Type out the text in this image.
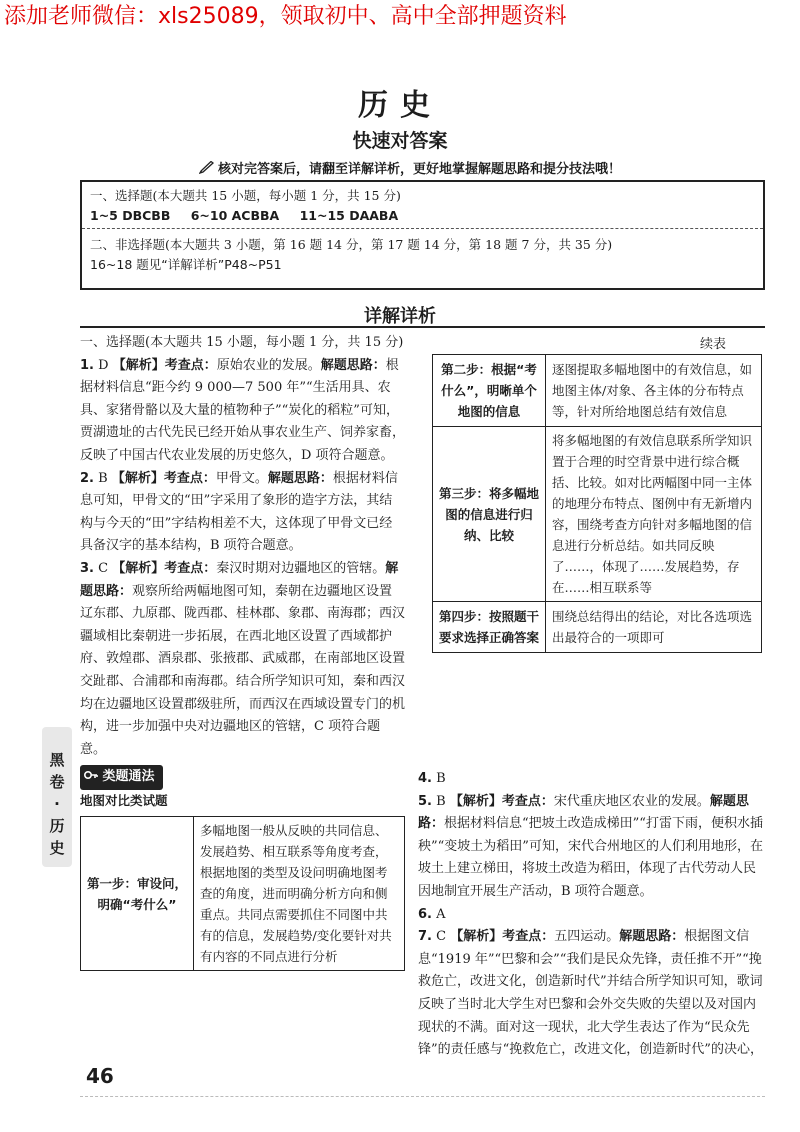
添加老师微信：xls25089，领取初中、高中全部押题资料
历史
快速对答案
核对完答案后，请翻至详解详析，更好地掌握解题思路和提分技法哦！
一、选择题(本大题共 15 小题，每小题 1 分，共 15 分)
1~5 DBCBB 6~10 ACBBA 11~15 DAABA
二、非选择题(本大题共 3 小题，第 16 题 14 分，第 17 题 14 分，第 18 题 7 分，共 35 分)
16~18 题见“详解详析”P48~P51
详解详析

一、选择题(本大题共 15 小题，每小题 1 分，共 15 分)

1. D 【解析】考查点：原始农业的发展。解题思路：根据材料信息“距今约 9 000—7 500 年”“生活用具、农具、家猪骨骼以及大量的植物种子”“炭化的稻粒”可知，贾湖遗址的古代先民已经开始从事农业生产、饲养家畜，反映了中国古代农业发展的历史悠久，D 项符合题意。

2. B 【解析】考查点：甲骨文。解题思路：根据材料信息可知，甲骨文的“田”字采用了象形的造字方法，其结构与今天的“田”字结构相差不大，这体现了甲骨文已经具备汉字的基本结构，B 项符合题意。

3. C 【解析】考查点：秦汉时期对边疆地区的管辖。解题思路：观察所给两幅地图可知，秦朝在边疆地区设置辽东郡、九原郡、陇西郡、桂林郡、象郡、南海郡；西汉疆域相比秦朝进一步拓展，在西北地区设置了西域都护府、敦煌郡、酒泉郡、张掖郡、武威郡，在南部地区设置交趾郡、合浦郡和南海郡。结合所学知识可知，秦和西汉均在边疆地区设置郡级驻所，而西汉在西域设置专门的机构，进一步加强中央对边疆地区的管辖，C 项符合题意。

类题通法

地图对比类试题

第一步：审设问，明确“考什么”	多幅地图一般从反映的共同信息、发展趋势、相互联系等角度考查，根据地图的类型及设问明确地图考查的角度，进而明确分析方向和侧重点。共同点需要抓住不同图中共有的信息，发展趋势/变化要针对共有内容的不同点进行分析
续表
第二步：根据“考什么”，明晰单个地图的信息	逐图提取多幅地图中的有效信息，如地图主体/对象、各主体的分布特点等，针对所给地图总结有效信息
第三步：将多幅地图的信息进行归纳、比较	将多幅地图的有效信息联系所学知识置于合理的时空背景中进行综合概括、比较。如对比两幅图中同一主体的地理分布特点、图例中有无新增内容，围绕考查方向针对多幅地图的信息进行分析总结。如共同反映了……，体现了……发展趋势，存在……相互联系等
第四步：按照题干要求选择正确答案	围绕总结得出的结论，对比各选项选出最符合的一项即可

4. B

5. B 【解析】考查点：宋代重庆地区农业的发展。解题思路：根据材料信息“把坡土改造成梯田”“打雷下雨，便积水插秧”“变坡土为稻田”可知，宋代合州地区的人们利用地形，在坡土上建立梯田，将坡土改造为稻田，体现了古代劳动人民因地制宜开展生产活动，B 项符合题意。

6. A

7. C 【解析】考查点：五四运动。解题思路：根据图文信息“1919 年”“巴黎和会”“我们是民众先锋，责任推不开”“挽救危亡，改进文化，创造新时代”并结合所学知识可知，歌词反映了当时北大学生对巴黎和会外交失败的失望以及对国内现状的不满。面对这一现状，北大学生表达了作为“民众先锋”的责任感与“挽救危亡，改进文化，创造新时代”的决心，

黑
卷
·
历
史
46
